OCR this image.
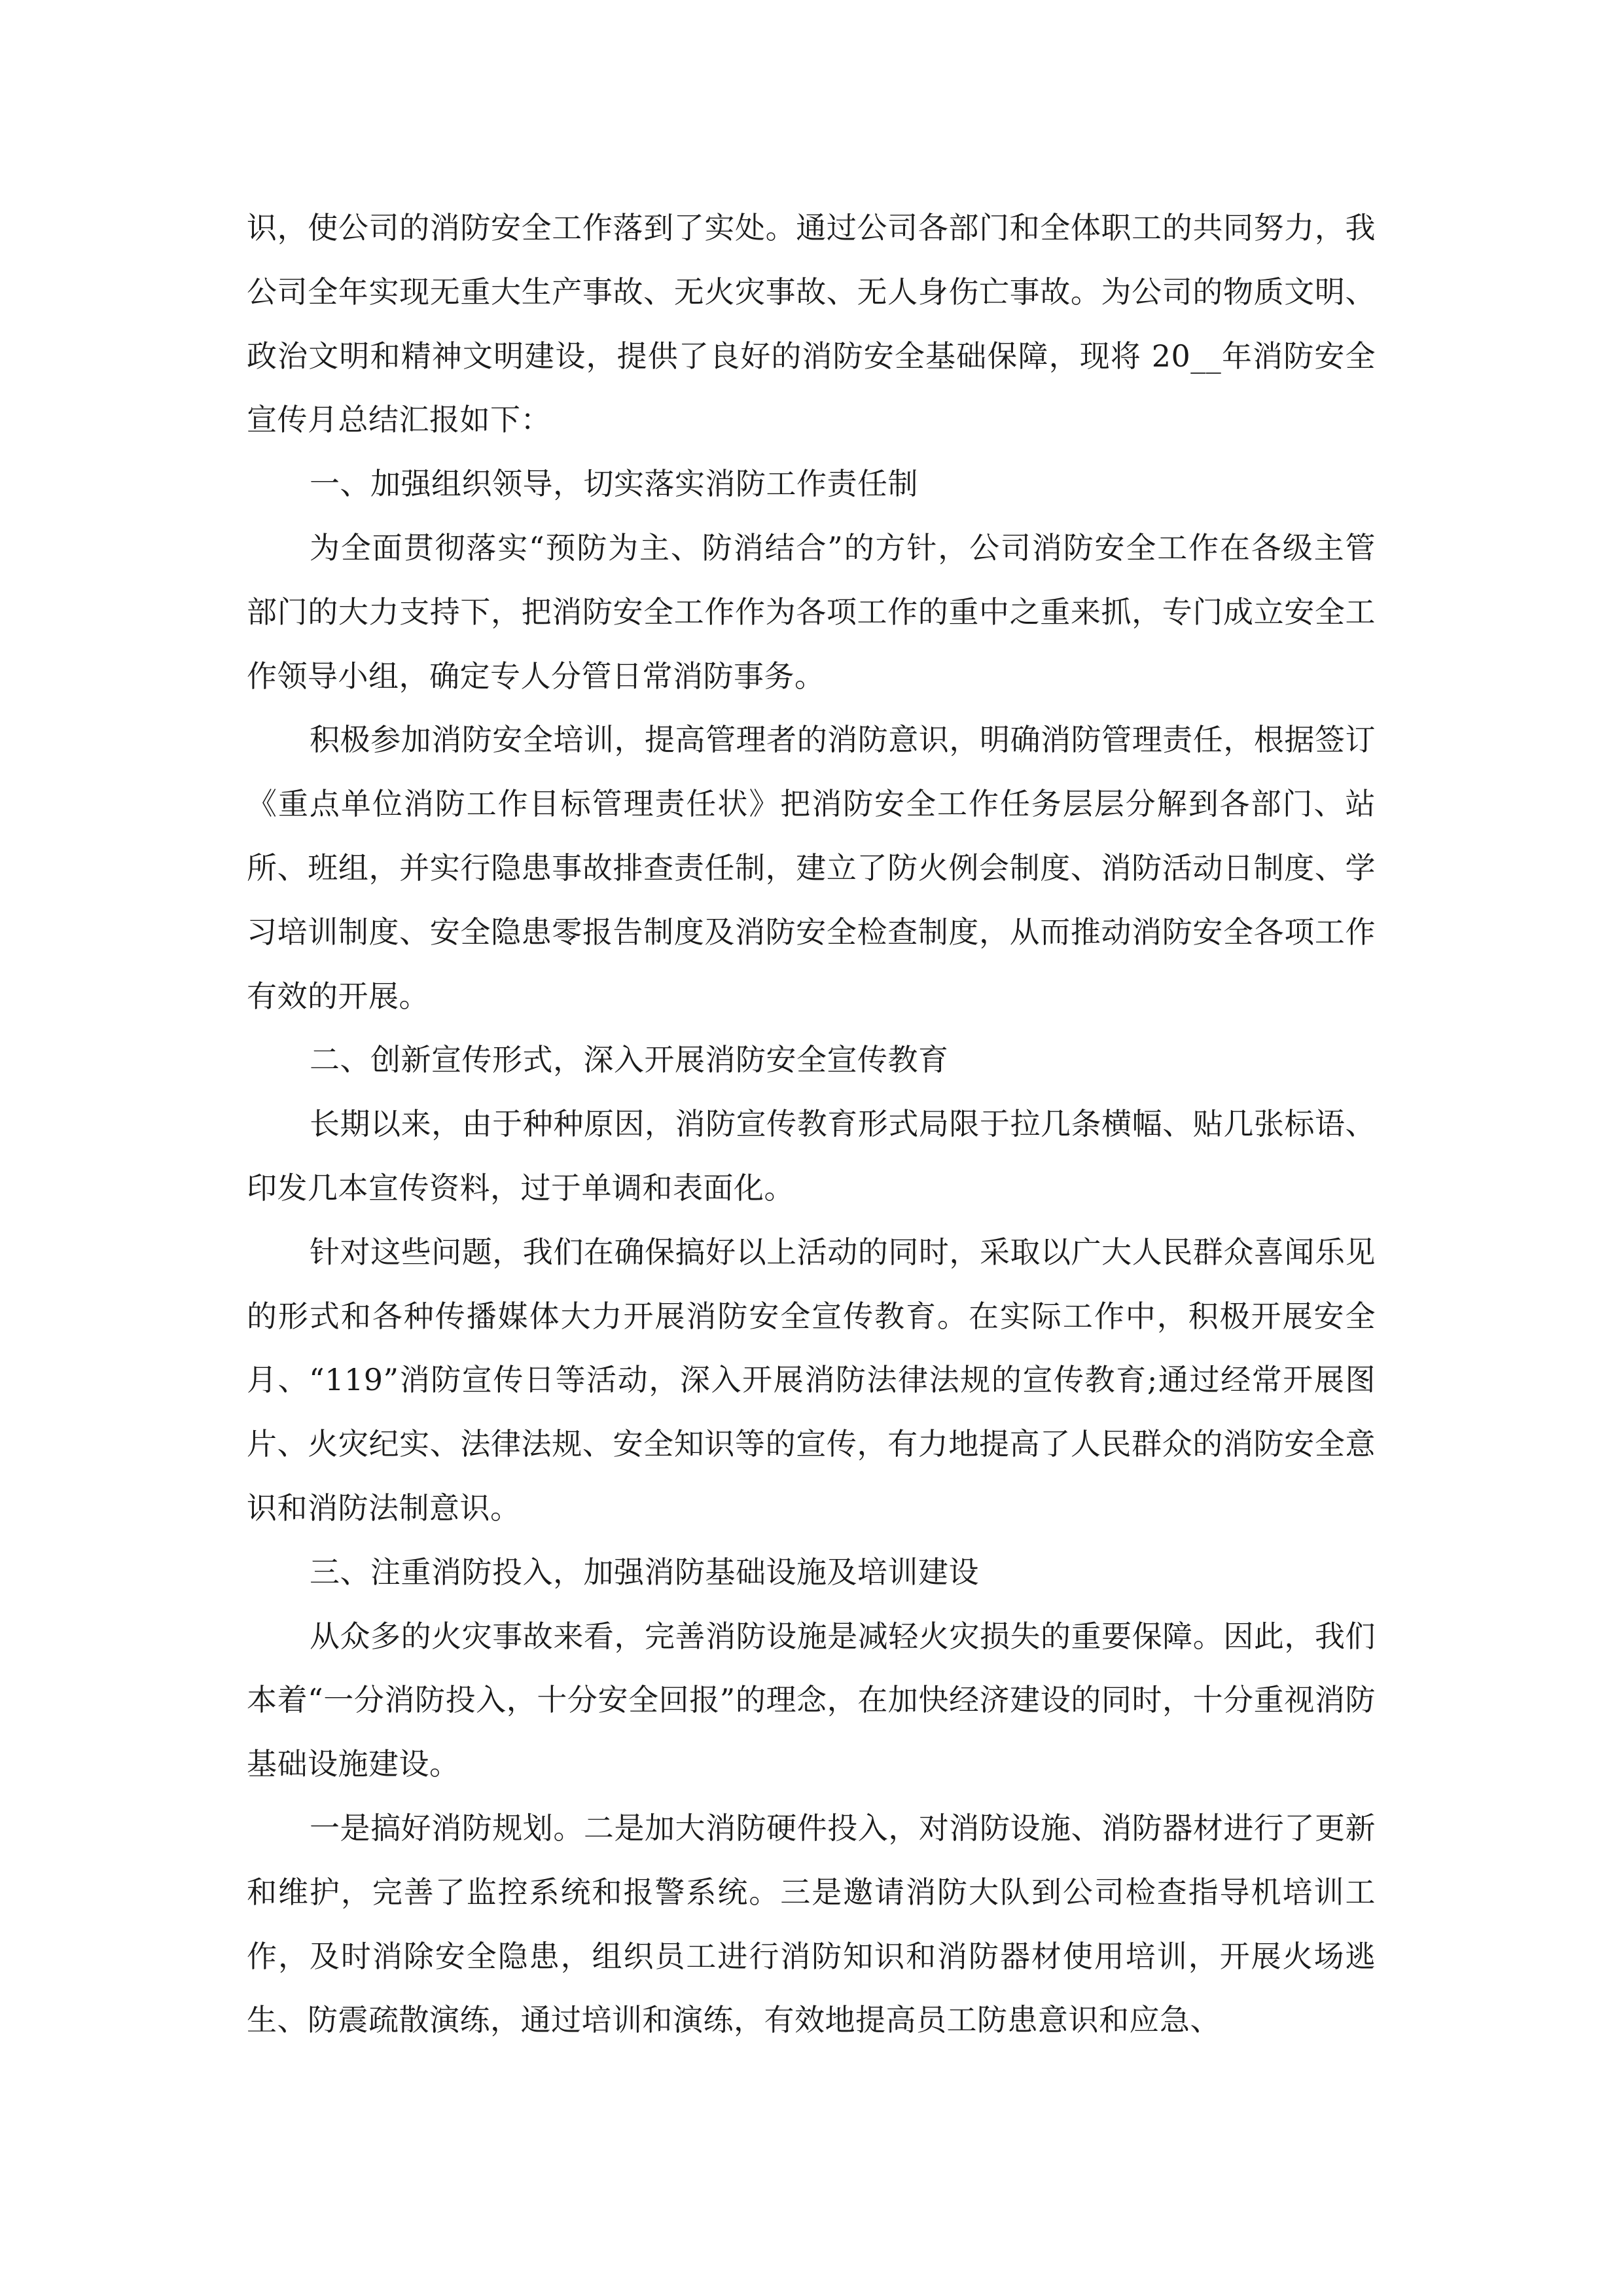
识，使公司的消防安全工作落到了实处。通过公司各部门和全体职工的共同努力，我公司全年实现无重大生产事故、无火灾事故、无人身伤亡事故。为公司的物质文明、政治文明和精神文明建设，提供了良好的消防安全基础保障，现将 20__年消防安全宣传月总结汇报如下：

一、加强组织领导，切实落实消防工作责任制

为全面贯彻落实“预防为主、防消结合”的方针，公司消防安全工作在各级主管部门的大力支持下，把消防安全工作作为各项工作的重中之重来抓，专门成立安全工作领导小组，确定专人分管日常消防事务。

积极参加消防安全培训，提高管理者的消防意识，明确消防管理责任，根据签订《重点单位消防工作目标管理责任状》把消防安全工作任务层层分解到各部门、站所、班组，并实行隐患事故排查责任制，建立了防火例会制度、消防活动日制度、学习培训制度、安全隐患零报告制度及消防安全检查制度，从而推动消防安全各项工作有效的开展。

二、创新宣传形式，深入开展消防安全宣传教育

长期以来，由于种种原因，消防宣传教育形式局限于拉几条横幅、贴几张标语、印发几本宣传资料，过于单调和表面化。

针对这些问题，我们在确保搞好以上活动的同时，采取以广大人民群众喜闻乐见的形式和各种传播媒体大力开展消防安全宣传教育。在实际工作中，积极开展安全月、“119”消防宣传日等活动，深入开展消防法律法规的宣传教育;通过经常开展图片、火灾纪实、法律法规、安全知识等的宣传，有力地提高了人民群众的消防安全意识和消防法制意识。

三、注重消防投入，加强消防基础设施及培训建设

从众多的火灾事故来看，完善消防设施是减轻火灾损失的重要保障。因此，我们本着“一分消防投入，十分安全回报”的理念，在加快经济建设的同时，十分重视消防基础设施建设。

一是搞好消防规划。二是加大消防硬件投入，对消防设施、消防器材进行了更新和维护，完善了监控系统和报警系统。三是邀请消防大队到公司检查指导机培训工作，及时消除安全隐患，组织员工进行消防知识和消防器材使用培训，开展火场逃生、防震疏散演练，通过培训和演练，有效地提高员工防患意识和应急、
